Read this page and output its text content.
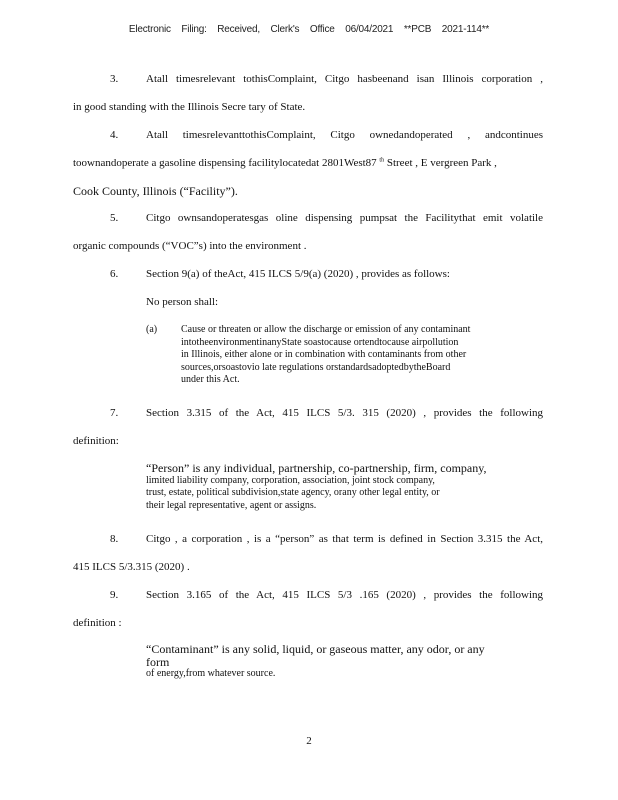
Electronic Filing: Received, Clerk's Office 06/04/2021 **PCB 2021-114**
3.	Atall timesrelevant tothisComplaint, Citgo hasbeenand isan Illinois corporation ,
in good standing with the Illinois Secre tary of State.
4.	Atall timesrelevanttothisComplaint, Citgo ownedandoperated , andcontinues
toownandoperate a gasoline dispensing facilitylocatedat 2801West87 $^{th}$ Street , E vergreen Park ,
Cook County, Illinois (“Facility”).
5.	Citgo ownsandoperatesgas oline dispensing pumpsat the Facilitythat emit volatile
organic compounds (“VOC”s) into the environment .
6.	Section 9(a) of theAct, 415 ILCS 5/9(a) (2020) , provides as follows:
No person shall:
(a)	Cause or threaten or allow the discharge or emission of any contaminant
intotheenvironmentinanyState soastocause ortendtocause airpollution
in Illinois, either alone or in combination with contaminants from other
sources,orsoastovio late regulations orstandardsadoptedbytheBoard
under this Act.
7.	Section 3.315 of the Act, 415 ILCS 5/3. 315 (2020) , provides the following
definition:

“Person” is any individual, partnership, co-partnership, firm, company,

limited liability company, corporation, association, joint stock company,

trust, estate, political subdivision,state agency, orany other legal entity, or

their legal representative, agent or assigns.

8.	Citgo , a corporation , is a “person” as that term is defined in Section 3.315 the Act,
415 ILCS 5/3.315 (2020) .
9.	Section 3.165 of the Act, 415 ILCS 5/3 .165 (2020) , provides the following
definition :

“Contaminant” is any solid, liquid, or gaseous matter, any odor, or any form

of energy,from whatever source.

2
